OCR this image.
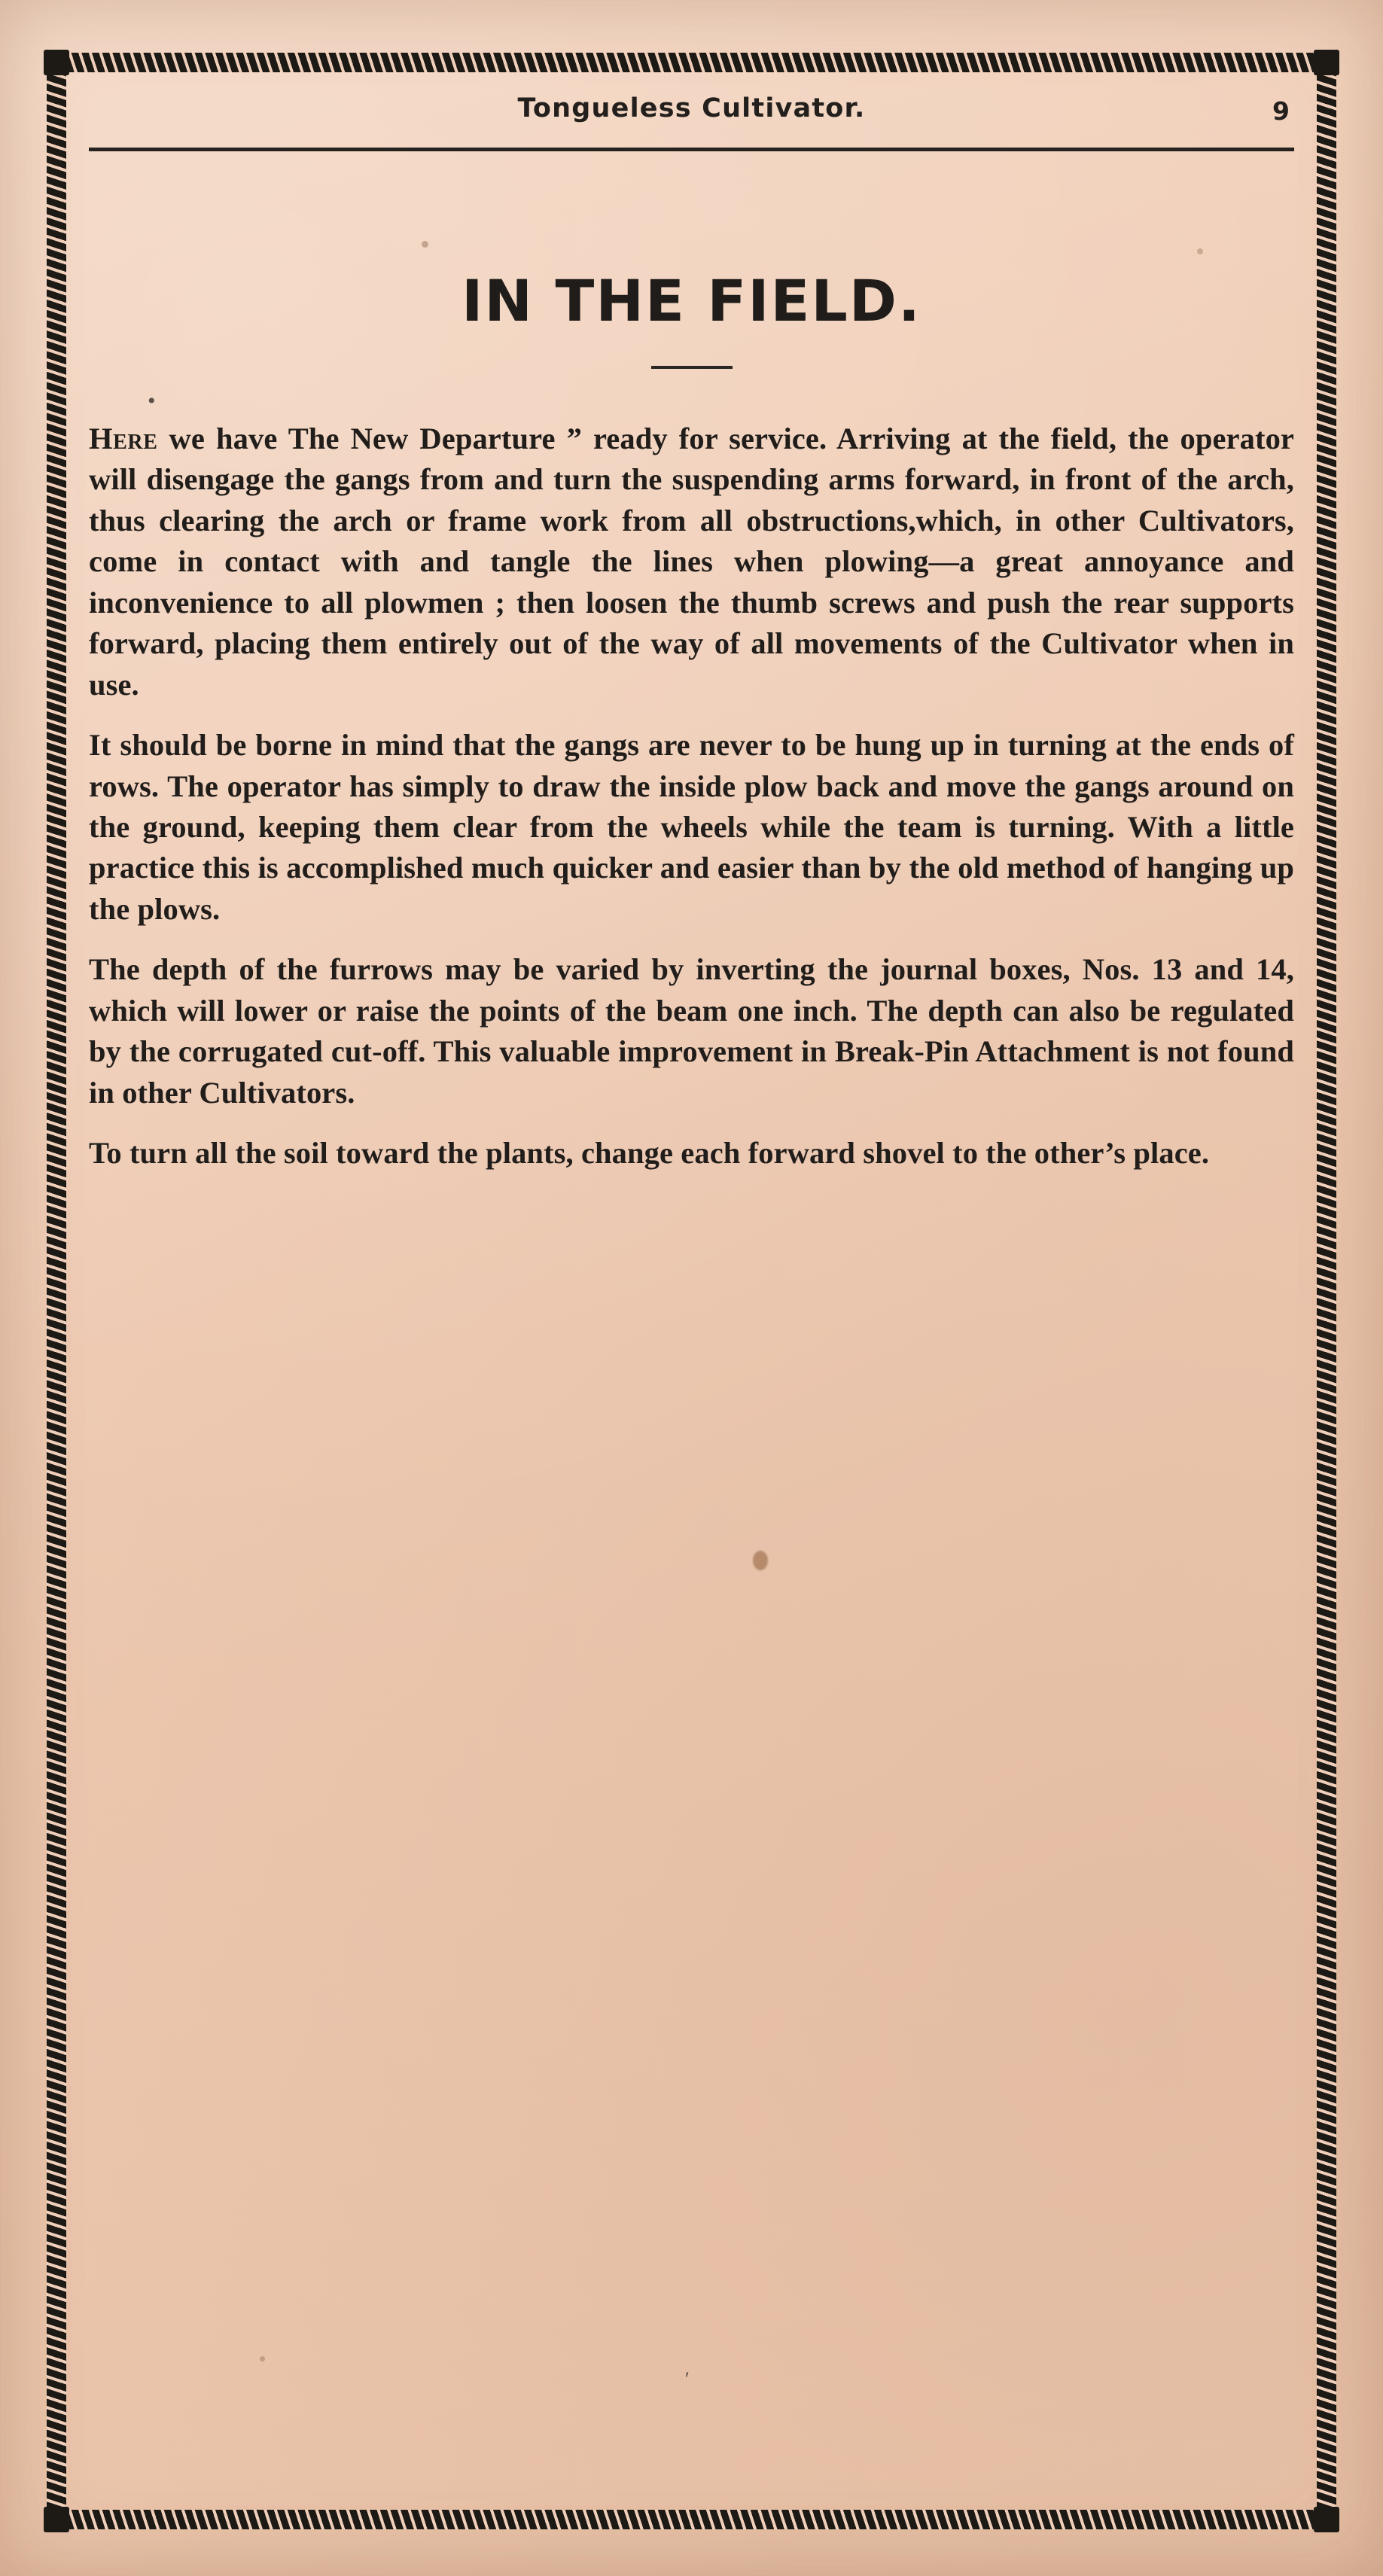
•
′
Tongueless Cultivator.	9
IN THE FIELD.

Here we have The New Departure ” ready for service. Arriving at the field, the operator will disengage the gangs from and turn the suspending arms forward, in front of the arch, thus clearing the arch or frame work from all obstructions,which, in other Cultivators, come in contact with and tangle the lines when plowing—a great annoyance and inconvenience to all plowmen ; then loosen the thumb screws and push the rear supports forward, placing them entirely out of the way of all movements of the Cultivator when in use.

It should be borne in mind that the gangs are never to be hung up in turning at the ends of rows. The operator has simply to draw the inside plow back and move the gangs around on the ground, keeping them clear from the wheels while the team is turning. With a little practice this is accomplished much quicker and easier than by the old method of hanging up the plows.

The depth of the furrows may be varied by inverting the journal boxes, Nos. 13 and 14, which will lower or raise the points of the beam one inch. The depth can also be regulated by the corrugated cut-off. This valuable improvement in Break-Pin Attachment is not found in other Cultivators.

To turn all the soil toward the plants, change each forward shovel to the other’s place.
